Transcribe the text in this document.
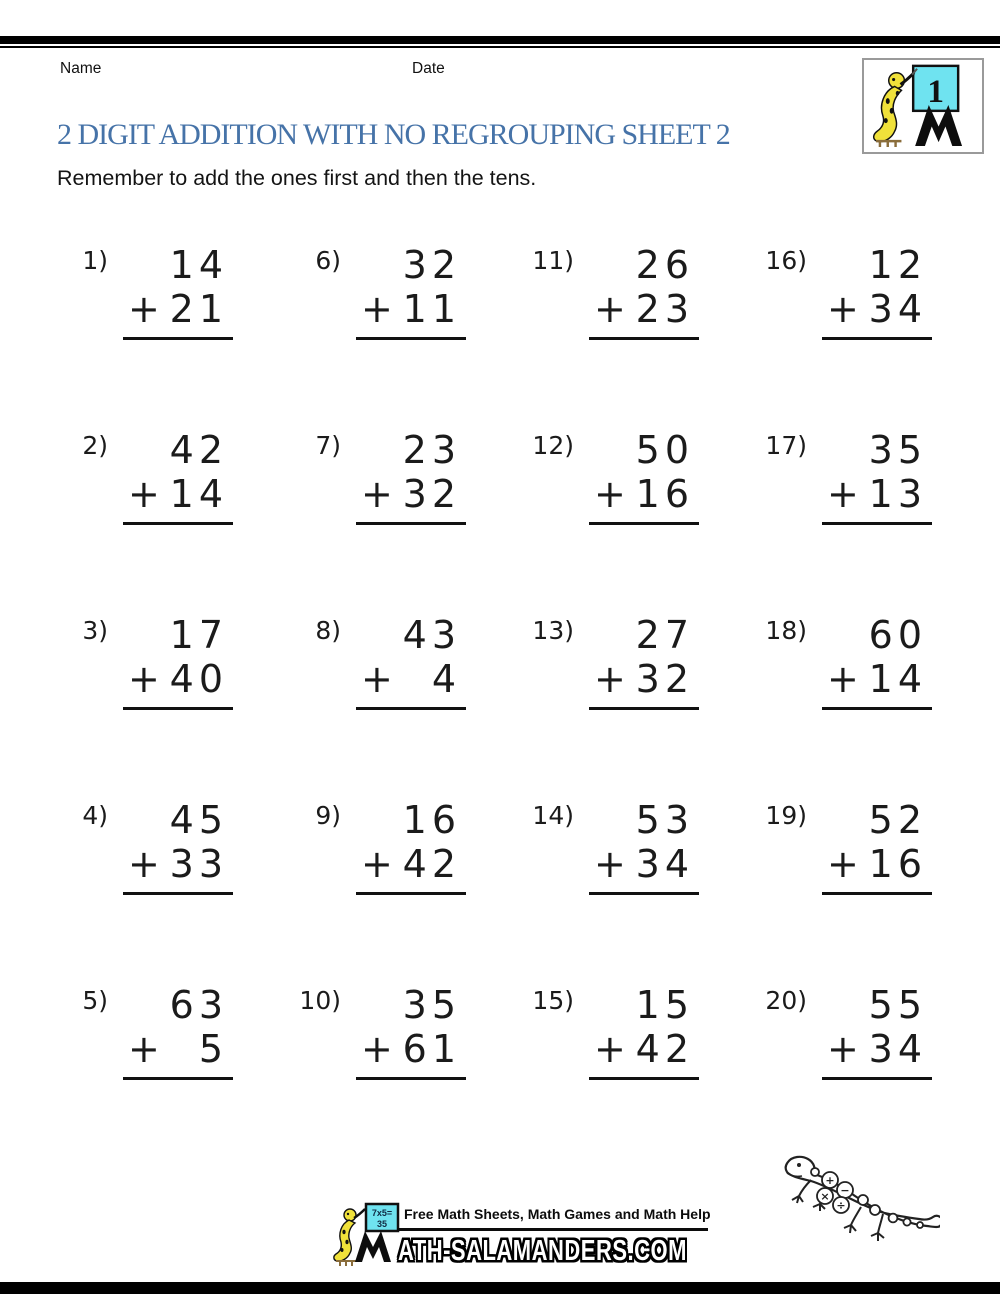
Name	Date
1
2 DIGIT ADDITION WITH NO REGROUPING SHEET 2

Remember to add the ones first and then the tens.

1)	14
+ 21
2)	42
+ 14
3)	17
+ 40
4)	45
+ 33
5)	63
+ 5
6)	32
+ 11
7)	23
+ 32
8)	43
+ 4
9)	16
+ 42
10)	35
+ 61
11)	26
+ 23
12)	50
+ 16
13)	27
+ 32
14)	53
+ 34
15)	15
+ 42
16)	12
+ 34
17)	35
+ 13
18)	60
+ 14
19)	52
+ 16
20)	55
+ 34
7x5=
35
Free Math Sheets, Math Games and Math Help
ATH-SALAMANDERS.COM
+
× −
÷
